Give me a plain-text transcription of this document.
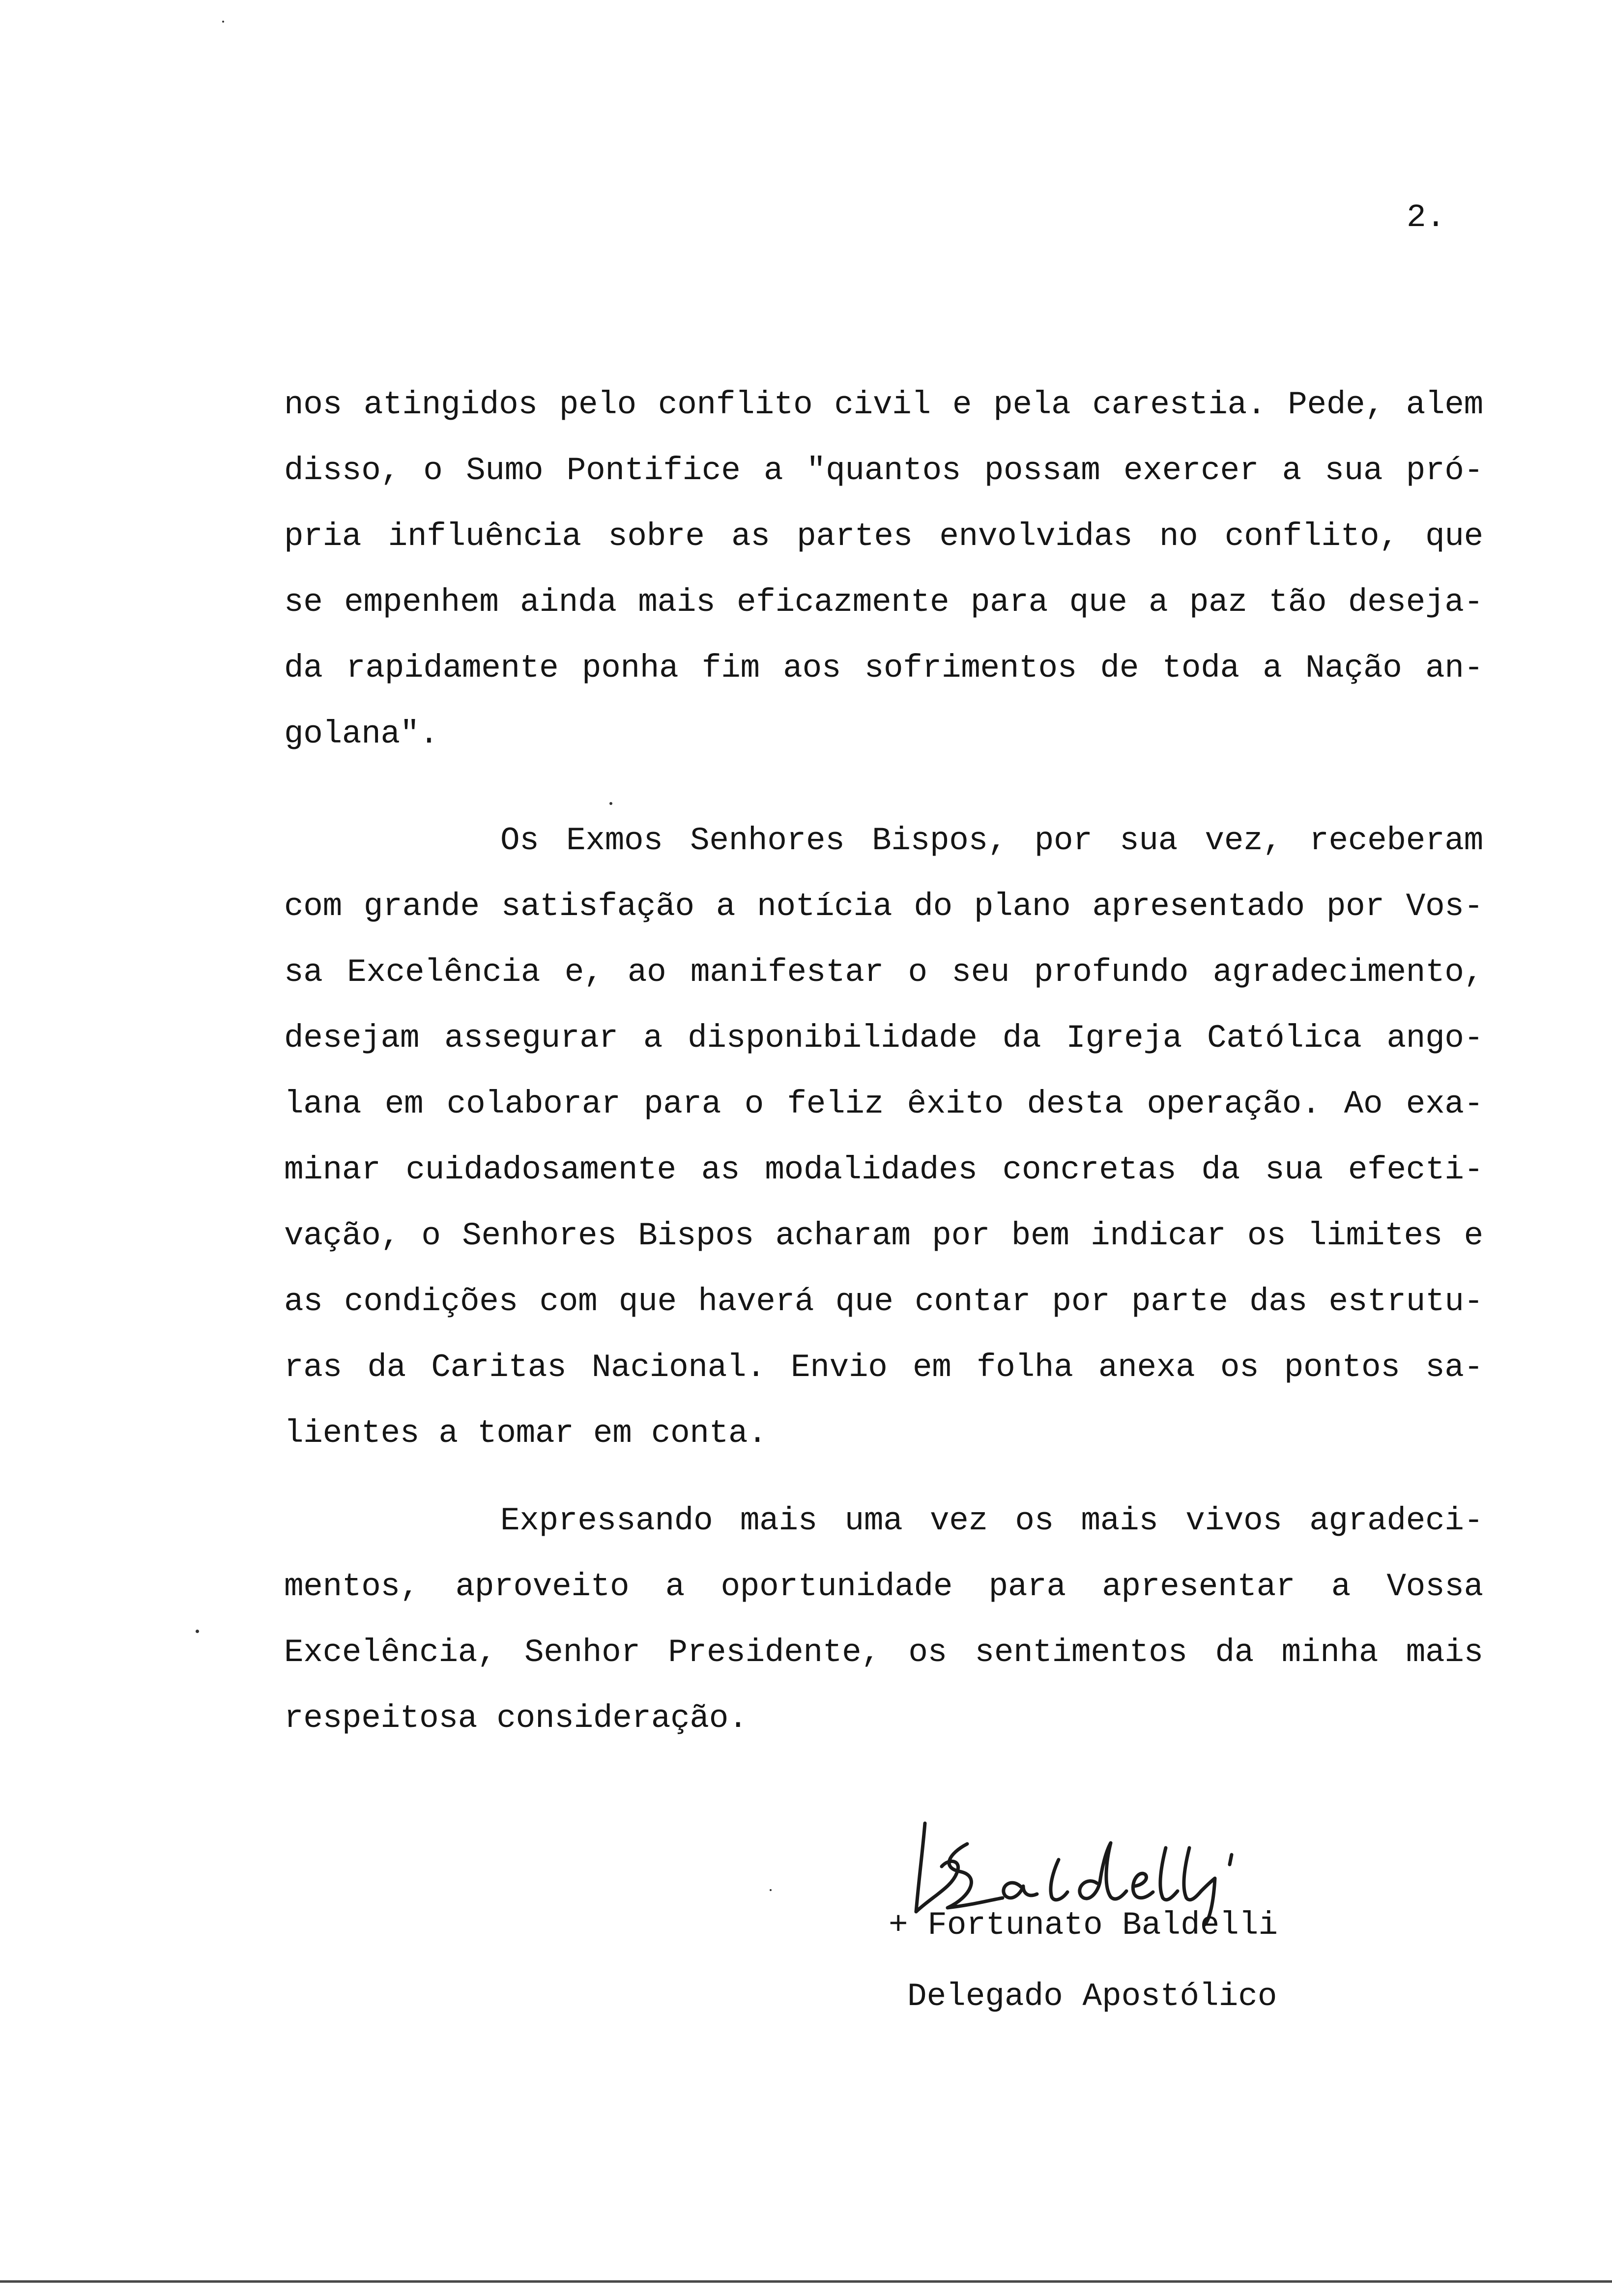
2.
nos atingidos pelo conflito civil e pela carestia. Pede, alem
disso, o Sumo Pontifice a "quantos possam exercer a sua pró-
pria influência sobre as partes envolvidas no conflito, que
se empenhem ainda mais eficazmente para que a paz tão deseja-
da rapidamente ponha fim aos sofrimentos de toda a Nação an-
golana".
Os Exmos Senhores Bispos, por sua vez, receberam
com grande satisfação a notícia do plano apresentado por Vos-
sa Excelência e, ao manifestar o seu profundo agradecimento,
desejam assegurar a disponibilidade da Igreja Católica ango-
lana em colaborar para o feliz êxito desta operação. Ao exa-
minar cuidadosamente as modalidades concretas da sua efecti-
vação, o Senhores Bispos acharam por bem indicar os limites e
as condições com que haverá que contar por parte das estrutu-
ras da Caritas Nacional. Envio em folha anexa os pontos sa-
lientes a tomar em conta.
Expressando mais uma vez os mais vivos agradeci-
mentos, aproveito a oportunidade para apresentar a Vossa
Excelência, Senhor Presidente, os sentimentos da minha mais
respeitosa consideração.
+ Fortunato Baldelli
Delegado Apostólico
